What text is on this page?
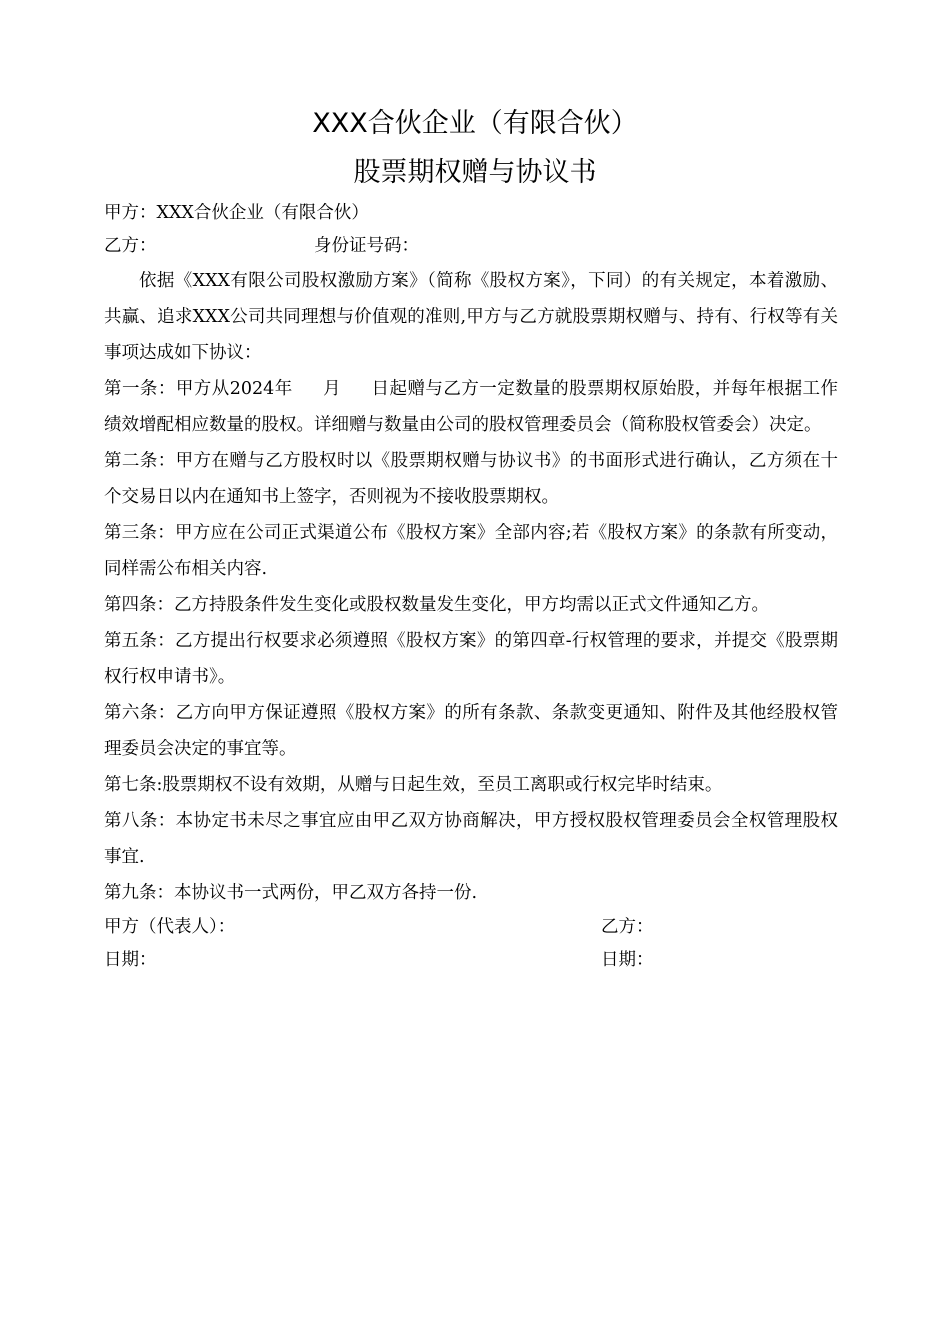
XXX合伙企业（有限合伙）
股票期权赠与协议书
甲方：XXX合伙企业（有限合伙）
乙方：	身份证号码：

依据《XXX有限公司股权激励方案》（简称《股权方案》，下同）的有关规定，本着激励、共赢、追求XXX公司共同理想与价值观的准则,甲方与乙方就股票期权赠与、持有、行权等有关事项达成如下协议：

第一条：甲方从2024年 月 日起赠与乙方一定数量的股票期权原始股，并每年根据工作绩效增配相应数量的股权。详细赠与数量由公司的股权管理委员会（简称股权管委会）决定。

第二条：甲方在赠与乙方股权时以《股票期权赠与协议书》的书面形式进行确认，乙方须在十个交易日以内在通知书上签字，否则视为不接收股票期权。

第三条：甲方应在公司正式渠道公布《股权方案》全部内容;若《股权方案》的条款有所变动，同样需公布相关内容.

第四条：乙方持股条件发生变化或股权数量发生变化，甲方均需以正式文件通知乙方。

第五条：乙方提出行权要求必须遵照《股权方案》的第四章-行权管理的要求，并提交《股票期权行权申请书》。

第六条：乙方向甲方保证遵照《股权方案》的所有条款、条款变更通知、附件及其他经股权管理委员会决定的事宜等。

第七条:股票期权不设有效期，从赠与日起生效，至员工离职或行权完毕时结束。

第八条：本协定书未尽之事宜应由甲乙双方协商解决，甲方授权股权管理委员会全权管理股权事宜.

第九条：本协议书一式两份，甲乙双方各持一份.

甲方（代表人）：	乙方：
日期：	日期：
